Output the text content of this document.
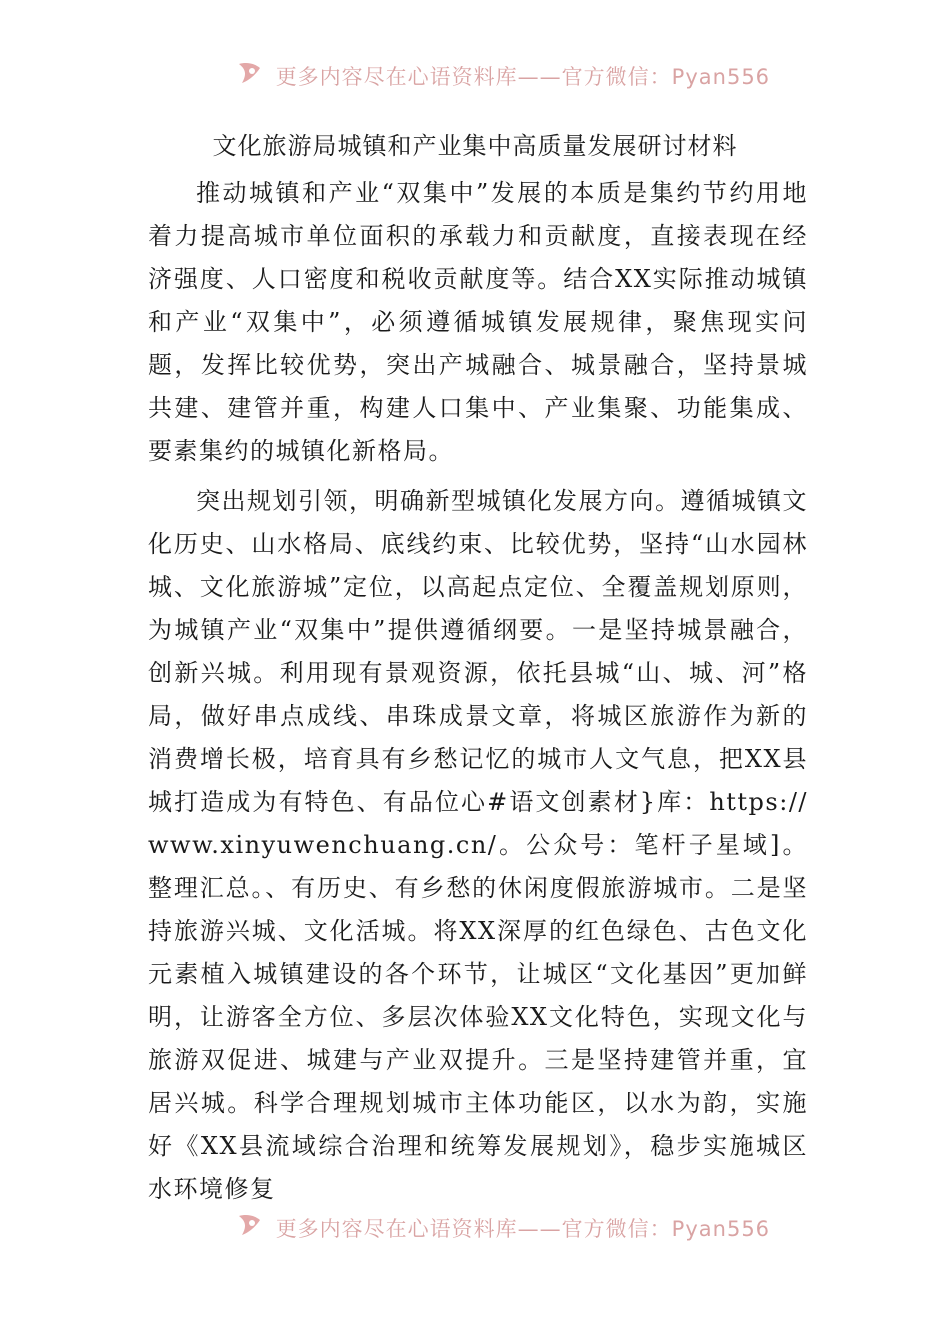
更多内容尽在心语资料库——官方微信：Pyan556
文化旅游局城镇和产业集中高质量发展研讨材料

推动城镇和产业“双集中”发展的本质是集约节约用地着力提高城市单位面积的承载力和贡献度，直接表现在经济强度、人口密度和税收贡献度等。结合XX实际推动城镇和产业“双集中”，必须遵循城镇发展规律，聚焦现实问题，发挥比较优势，突出产城融合、城景融合，坚持景城共建、建管并重，构建人口集中、产业集聚、功能集成、要素集约的城镇化新格局。

突出规划引领，明确新型城镇化发展方向。遵循城镇文化历史、山水格局、底线约束、比较优势，坚持“山水园林城、文化旅游城”定位，以高起点定位、全覆盖规划原则，为城镇产业“双集中”提供遵循纲要。一是坚持城景融合，创新兴城。利用现有景观资源，依托县城“山、城、河”格局，做好串点成线、串珠成景文章，将城区旅游作为新的消费增长极，培育具有乡愁记忆的城市人文气息，把XX县城打造成为有特色、有品位心#语文创素材}库：https://www.xinyuwenchuang.cn/。公众号：笔杆子星域]。整理汇总。、有历史、有乡愁的休闲度假旅游城市。二是坚持旅游兴城、文化活城。将XX深厚的红色绿色、古色文化元素植入城镇建设的各个环节，让城区“文化基因”更加鲜明，让游客全方位、多层次体验XX文化特色，实现文化与旅游双促进、城建与产业双提升。三是坚持建管并重，宜居兴城。科学合理规划城市主体功能区，以水为韵，实施好《XX县流域综合治理和统筹发展规划》，稳步实施城区水环境修复

更多内容尽在心语资料库——官方微信：Pyan556
